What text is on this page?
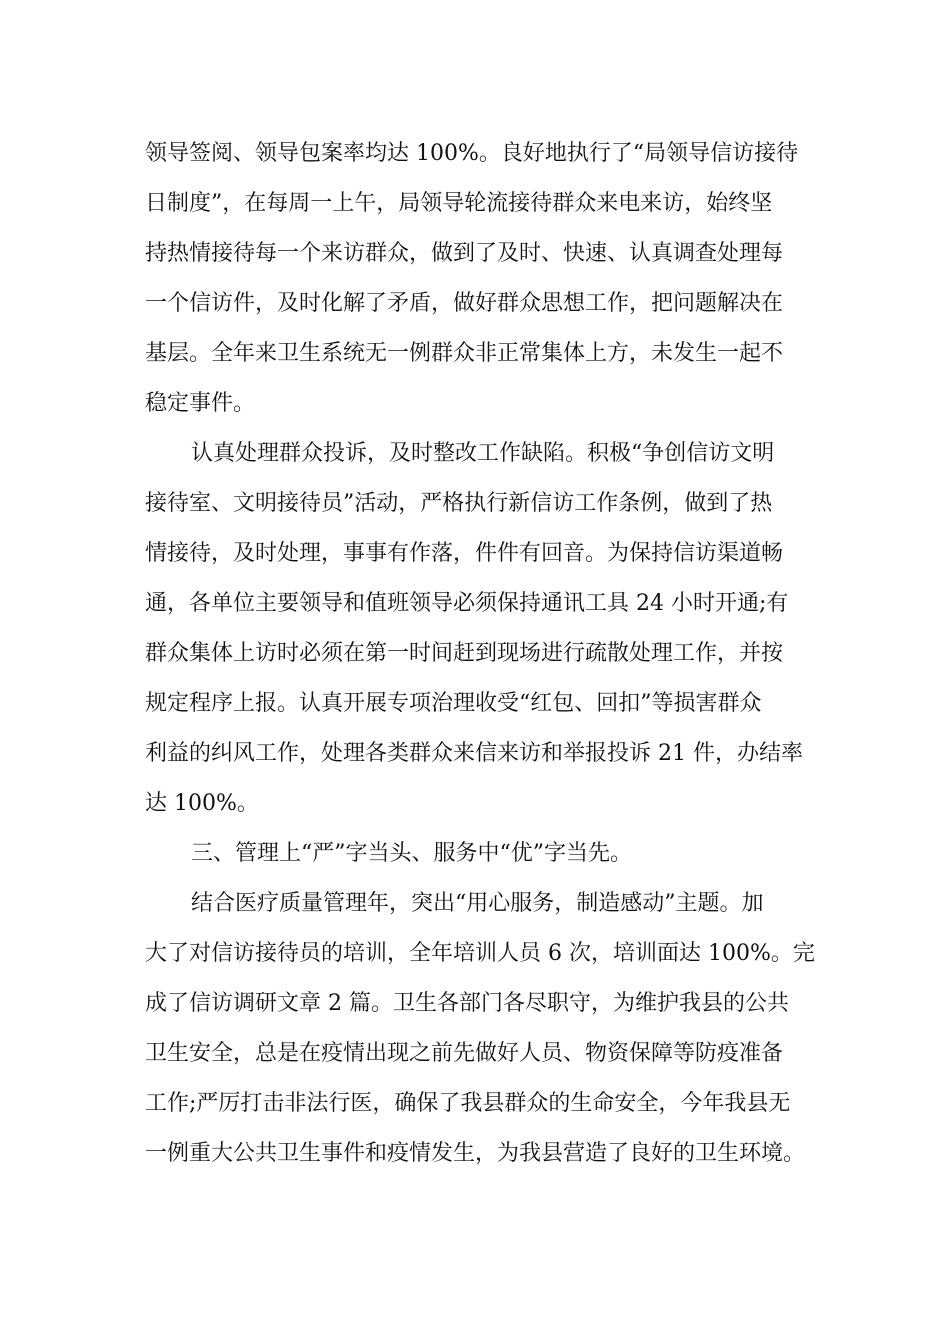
领导签阅、领导包案率均达 100%。良好地执行了“局领导信访接待
日制度”，在每周一上午，局领导轮流接待群众来电来访，始终坚
持热情接待每一个来访群众，做到了及时、快速、认真调查处理每
一个信访件，及时化解了矛盾，做好群众思想工作，把问题解决在
基层。全年来卫生系统无一例群众非正常集体上方，未发生一起不
稳定事件。
认真处理群众投诉，及时整改工作缺陷。积极“争创信访文明
接待室、文明接待员”活动，严格执行新信访工作条例，做到了热
情接待，及时处理，事事有作落，件件有回音。为保持信访渠道畅
通，各单位主要领导和值班领导必须保持通讯工具 24 小时开通;有
群众集体上访时必须在第一时间赶到现场进行疏散处理工作，并按
规定程序上报。认真开展专项治理收受“红包、回扣”等损害群众
利益的纠风工作，处理各类群众来信来访和举报投诉 21 件，办结率
达 100%。
三、管理上“严”字当头、服务中“优”字当先。
结合医疗质量管理年，突出“用心服务，制造感动”主题。加
大了对信访接待员的培训，全年培训人员 6 次，培训面达 100%。完
成了信访调研文章 2 篇。卫生各部门各尽职守，为维护我县的公共
卫生安全，总是在疫情出现之前先做好人员、物资保障等防疫准备
工作;严厉打击非法行医，确保了我县群众的生命安全，今年我县无
一例重大公共卫生事件和疫情发生，为我县营造了良好的卫生环境。
